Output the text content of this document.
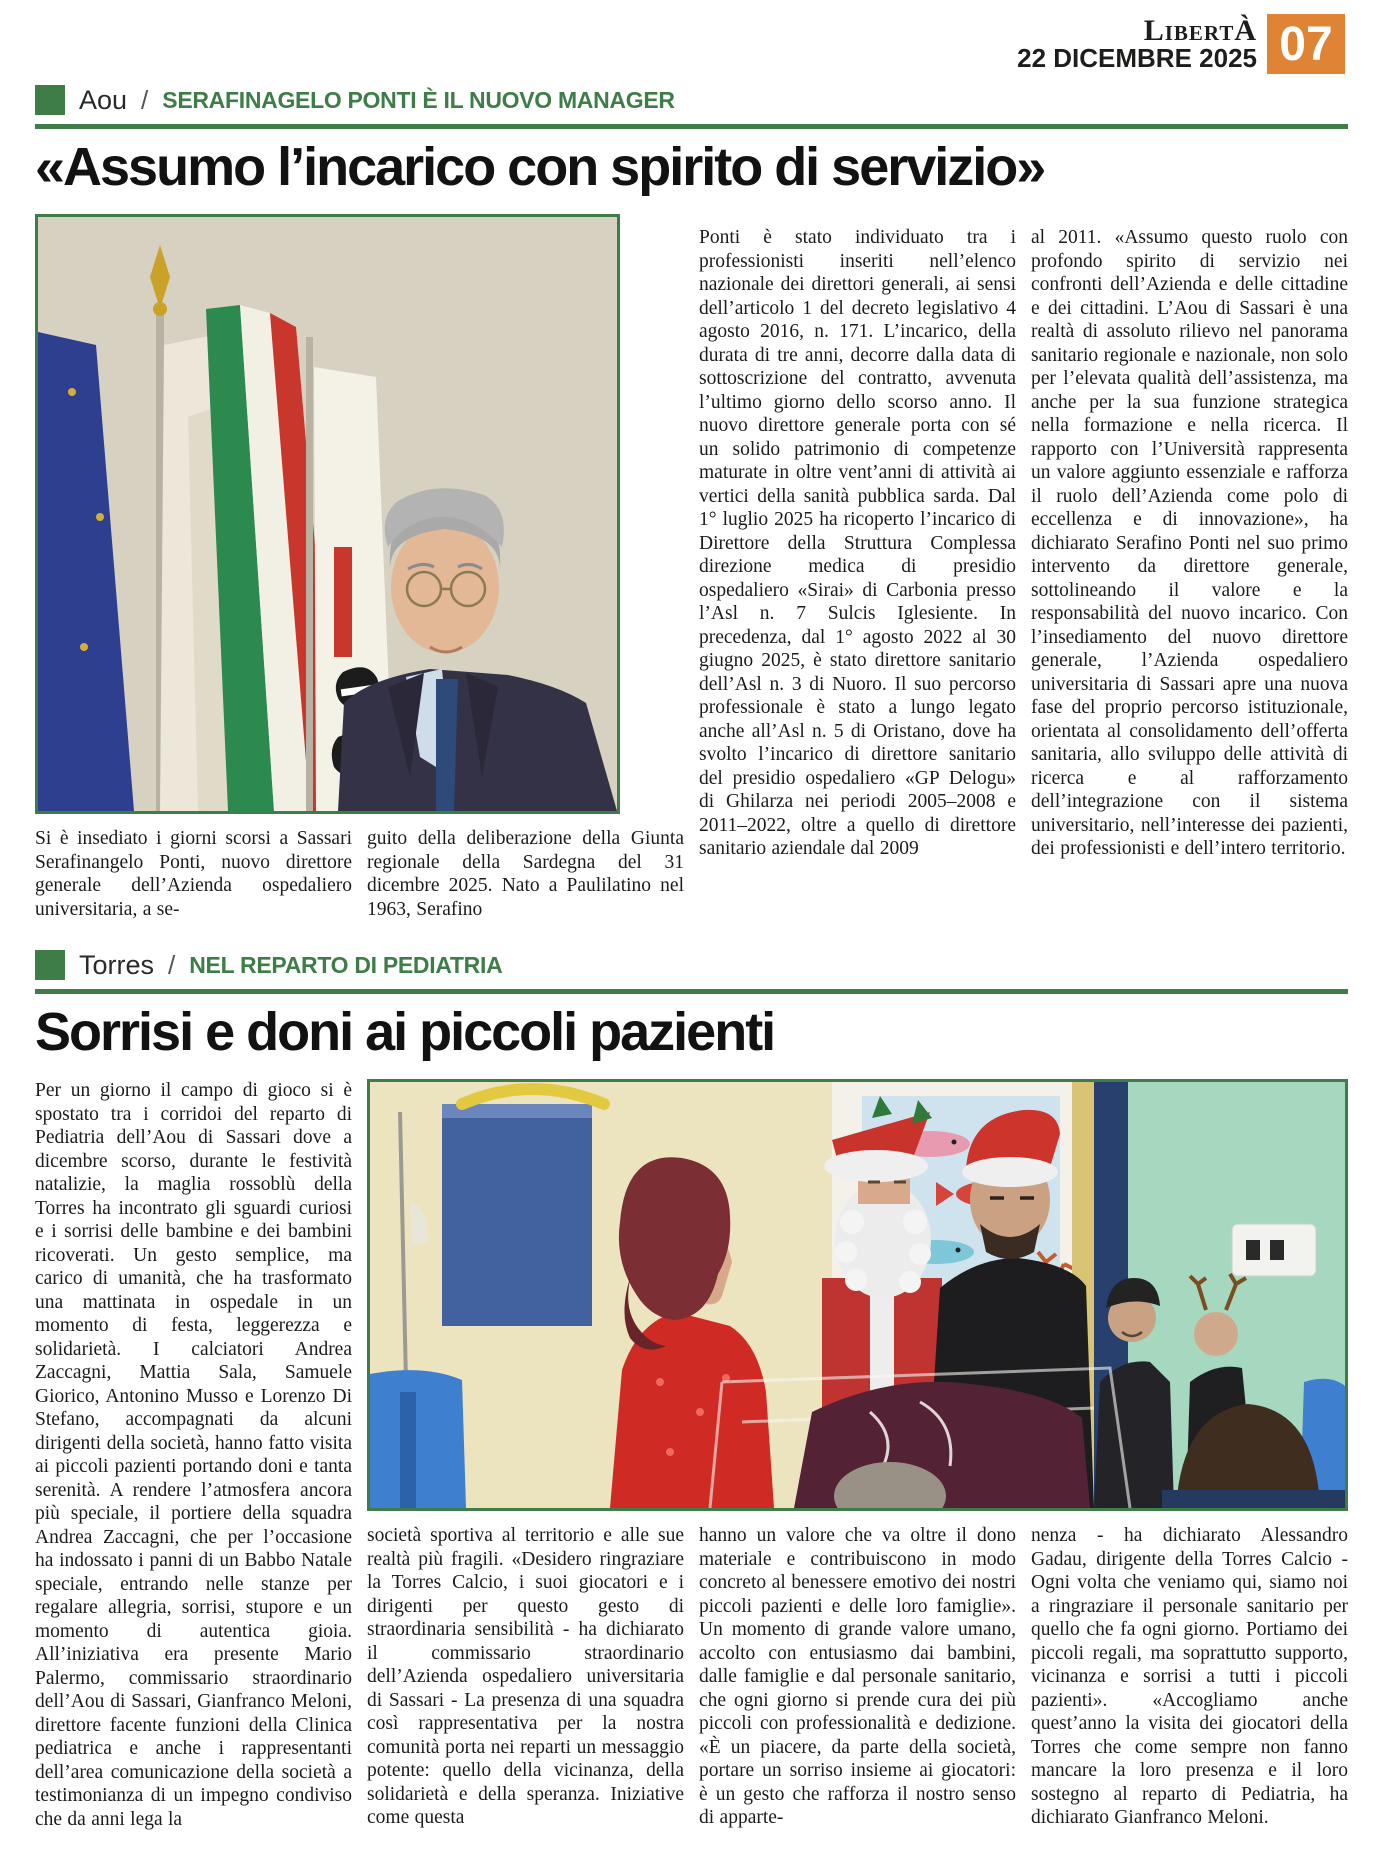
LibertÀ
22 DICEMBRE 2025 07
Aou / SERAFINAGELO PONTI È IL NUOVO MANAGER
«Assumo l’incarico con spirito di servizio»
Si è insediato i giorni scorsi a Sassari Serafinangelo Ponti, nuovo direttore generale dell’Azienda ospedaliero universitaria, a se-
guito della deliberazione della Giunta regionale della Sardegna del 31 dicembre 2025. Nato a Paulilatino nel 1963, Serafino
Ponti è stato individuato tra i professionisti inseriti nell’elenco nazionale dei direttori generali, ai sensi dell’articolo 1 del decreto legislativo 4 agosto 2016, n. 171. L’incarico, della durata di tre anni, decorre dalla data di sottoscrizione del contratto, avvenuta l’ultimo giorno dello scorso anno. Il nuovo direttore generale porta con sé un solido patrimonio di competenze maturate in oltre vent’anni di attività ai vertici della sanità pubblica sarda. Dal 1° luglio 2025 ha ricoperto l’incarico di Direttore della Struttura Complessa direzione medica di presidio ospedaliero «Sirai» di Carbonia presso l’Asl n. 7 Sulcis Iglesiente. In precedenza, dal 1° agosto 2022 al 30 giugno 2025, è stato direttore sanitario dell’Asl n. 3 di Nuoro. Il suo percorso professionale è stato a lungo legato anche all’Asl n. 5 di Oristano, dove ha svolto l’incarico di direttore sanitario del presidio ospedaliero «GP Delogu» di Ghilarza nei periodi 2005–2008 e 2011–2022, oltre a quello di direttore sanitario aziendale dal 2009
al 2011. «Assumo questo ruolo con profondo spirito di servizio nei confronti dell’Azienda e delle cittadine e dei cittadini. L’Aou di Sassari è una realtà di assoluto rilievo nel panorama sanitario regionale e nazionale, non solo per l’elevata qualità dell’assistenza, ma anche per la sua funzione strategica nella formazione e nella ricerca. Il rapporto con l’Università rappresenta un valore aggiunto essenziale e rafforza il ruolo dell’Azienda come polo di eccellenza e di innovazione», ha dichiarato Serafino Ponti nel suo primo intervento da direttore generale, sottolineando il valore e la responsabilità del nuovo incarico. Con l’insediamento del nuovo direttore generale, l’Azienda ospedaliero universitaria di Sassari apre una nuova fase del proprio percorso istituzionale, orientata al consolidamento dell’offerta sanitaria, allo sviluppo delle attività di ricerca e al rafforzamento dell’integrazione con il sistema universitario, nell’interesse dei pazienti, dei professionisti e dell’intero territorio.
Torres / NEL REPARTO DI PEDIATRIA
Sorrisi e doni ai piccoli pazienti
Per un giorno il campo di gioco si è spostato tra i corridoi del reparto di Pediatria dell’Aou di Sassari dove a dicembre scorso, durante le festività natalizie, la maglia rossoblù della Torres ha incontrato gli sguardi curiosi e i sorrisi delle bambine e dei bambini ricoverati. Un gesto semplice, ma carico di umanità, che ha trasformato una mattinata in ospedale in un momento di festa, leggerezza e solidarietà. I calciatori Andrea Zaccagni, Mattia Sala, Samuele Giorico, Antonino Musso e Lorenzo Di Stefano, accompagnati da alcuni dirigenti della società, hanno fatto visita ai piccoli pazienti portando doni e tanta serenità. A rendere l’atmosfera ancora più speciale, il portiere della squadra Andrea Zaccagni, che per l’occasione ha indossato i panni di un Babbo Natale speciale, entrando nelle stanze per regalare allegria, sorrisi, stupore e un momento di autentica gioia. All’iniziativa era presente Mario Palermo, commissario straordinario dell’Aou di Sassari, Gianfranco Meloni, direttore facente funzioni della Clinica pediatrica e anche i rappresentanti dell’area comunicazione della società a testimonianza di un impegno condiviso che da anni lega la
società sportiva al territorio e alle sue realtà più fragili. «Desidero ringraziare la Torres Calcio, i suoi giocatori e i dirigenti per questo gesto di straordinaria sensibilità - ha dichiarato il commissario straordinario dell’Azienda ospedaliero universitaria di Sassari - La presenza di una squadra così rappresentativa per la nostra comunità porta nei reparti un messaggio potente: quello della vicinanza, della solidarietà e della speranza. Iniziative come questa
hanno un valore che va oltre il dono materiale e contribuiscono in modo concreto al benessere emotivo dei nostri piccoli pazienti e delle loro famiglie». Un momento di grande valore umano, accolto con entusiasmo dai bambini, dalle famiglie e dal personale sanitario, che ogni giorno si prende cura dei più piccoli con professionalità e dedizione. «È un piacere, da parte della società, portare un sorriso insieme ai giocatori: è un gesto che rafforza il nostro senso di apparte-
nenza - ha dichiarato Alessandro Gadau, dirigente della Torres Calcio - Ogni volta che veniamo qui, siamo noi a ringraziare il personale sanitario per quello che fa ogni giorno. Portiamo dei piccoli regali, ma soprattutto supporto, vicinanza e sorrisi a tutti i piccoli pazienti». «Accogliamo anche quest’anno la visita dei giocatori della Torres che come sempre non fanno mancare la loro presenza e il loro sostegno al reparto di Pediatria, ha dichiarato Gianfranco Meloni.
